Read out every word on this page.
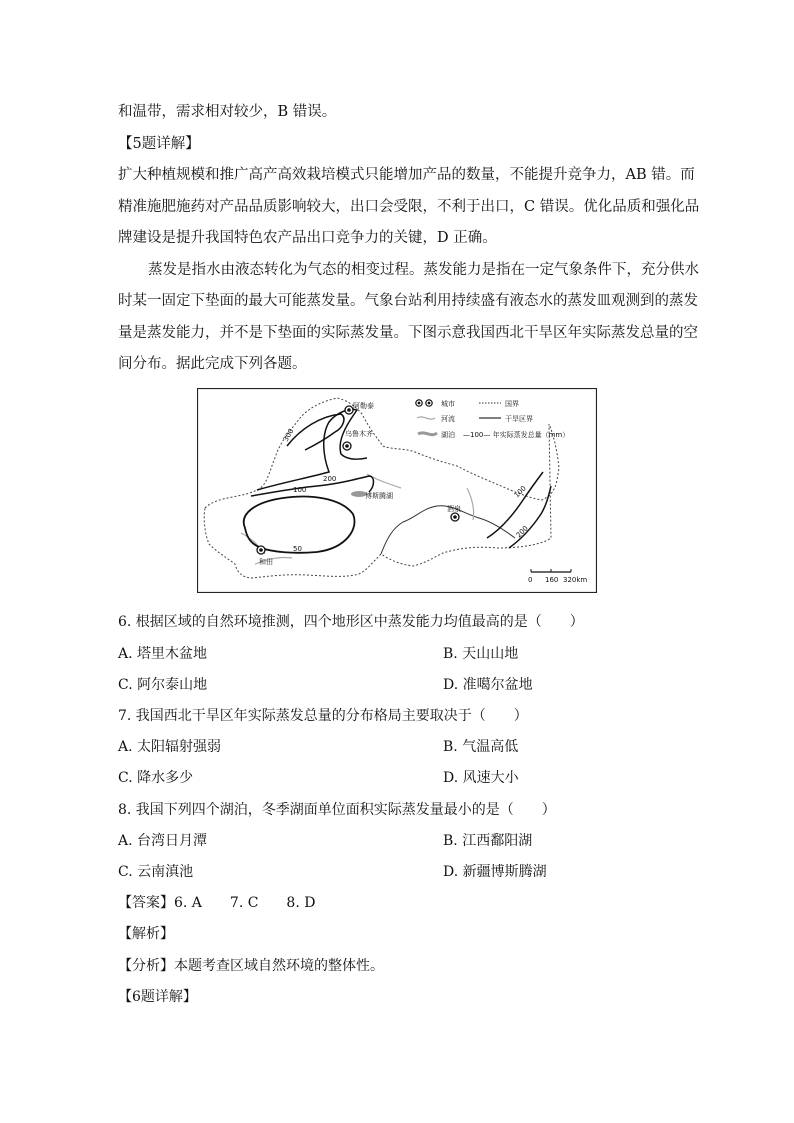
和温带，需求相对较少，B 错误。
【5题详解】
扩大种植规模和推广高产高效栽培模式只能增加产品的数量，不能提升竞争力，AB 错。而
精准施肥施药对产品品质影响较大，出口会受限，不利于出口，C 错误。优化品质和强化品
牌建设是提升我国特色农产品出口竞争力的关键，D 正确。
蒸发是指水由液态转化为气态的相变过程。蒸发能力是指在一定气象条件下，充分供水
时某一固定下垫面的最大可能蒸发量。气象台站利用持续盛有液态水的蒸发皿观测到的蒸发
量是蒸发能力，并不是下垫面的实际蒸发量。下图示意我国西北干旱区年实际蒸发总量的空
间分布。据此完成下列各题。
阿勒泰
乌鲁木齐
博斯腾湖
酒泉
和田
300
200
100
50
100
200
城市	国界
河流	干旱区界
湖泊 —100— 年实际蒸发总量（mm）
0 160 320km
6. 根据区域的自然环境推测，四个地形区中蒸发能力均值最高的是（　　）
A. 塔里木盆地	B. 天山山地
C. 阿尔泰山地	D. 准噶尔盆地
7. 我国西北干旱区年实际蒸发总量的分布格局主要取决于（　　）
A. 太阳辐射强弱	B. 气温高低
C. 降水多少	D. 风速大小
8. 我国下列四个湖泊，冬季湖面单位面积实际蒸发量最小的是（　　）
A. 台湾日月潭	B. 江西鄱阳湖
C. 云南滇池	D. 新疆博斯腾湖
【答案】6. A　　7. C　　8. D
【解析】
【分析】本题考查区域自然环境的整体性。
【6题详解】
